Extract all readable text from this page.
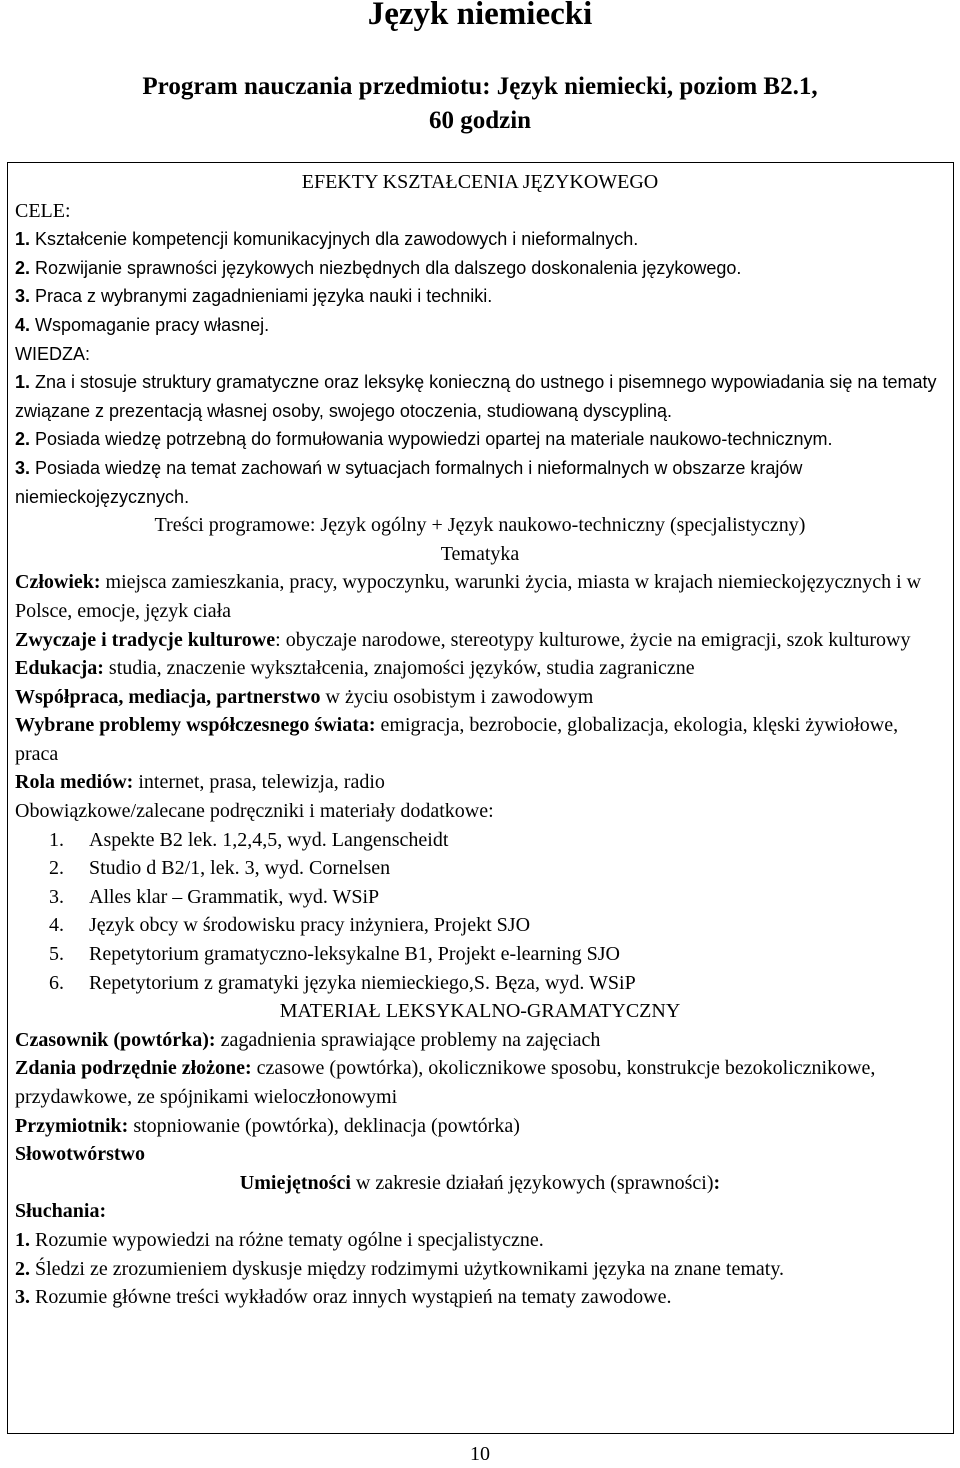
Język niemiecki
Program nauczania przedmiotu: Język niemiecki, poziom B2.1,
60 godzin

EFEKTY KSZTAŁCENIA JĘZYKOWEGO

CELE:

1. Kształcenie kompetencji komunikacyjnych dla zawodowych i nieformalnych.

2. Rozwijanie sprawności językowych niezbędnych dla dalszego doskonalenia językowego.

3. Praca z wybranymi zagadnieniami języka nauki i techniki.

4. Wspomaganie pracy własnej.

WIEDZA:

1. Zna i stosuje struktury gramatyczne oraz leksykę konieczną do ustnego i pisemnego wypowiadania się na tematy związane z prezentacją własnej osoby, swojego otoczenia, studiowaną dyscypliną.

2. Posiada wiedzę potrzebną do formułowania wypowiedzi opartej na materiale naukowo-technicznym.

3. Posiada wiedzę na temat zachowań w sytuacjach formalnych i nieformalnych w obszarze krajów niemieckojęzycznych.

Treści programowe: Język ogólny + Język naukowo-techniczny (specjalistyczny)

Tematyka

Człowiek: miejsca zamieszkania, pracy, wypoczynku, warunki życia, miasta w krajach niemieckojęzycznych i w Polsce, emocje, język ciała

Zwyczaje i tradycje kulturowe: obyczaje narodowe, stereotypy kulturowe, życie na emigracji, szok kulturowy

Edukacja: studia, znaczenie wykształcenia, znajomości języków, studia zagraniczne

Współpraca, mediacja, partnerstwo w życiu osobistym i zawodowym

Wybrane problemy współczesnego świata: emigracja, bezrobocie, globalizacja, ekologia, klęski żywiołowe, praca

Rola mediów: internet, prasa, telewizja, radio

Obowiązkowe/zalecane podręczniki i materiały dodatkowe:

1.	Aspekte B2 lek. 1,2,4,5, wyd. Langenscheidt
2.	Studio d B2/1, lek. 3, wyd. Cornelsen
3.	Alles klar – Grammatik, wyd. WSiP
4.	Język obcy w środowisku pracy inżyniera, Projekt SJO
5.	Repetytorium gramatyczno-leksykalne B1, Projekt e-learning SJO
6.	Repetytorium z gramatyki języka niemieckiego,S. Bęza, wyd. WSiP

MATERIAŁ LEKSYKALNO-GRAMATYCZNY

Czasownik (powtórka): zagadnienia sprawiające problemy na zajęciach

Zdania podrzędnie złożone: czasowe (powtórka), okolicznikowe sposobu, konstrukcje bezokolicznikowe, przydawkowe, ze spójnikami wieloczłonowymi

Przymiotnik: stopniowanie (powtórka), deklinacja (powtórka)

Słowotwórstwo

Umiejętności w zakresie działań językowych (sprawności):

Słuchania:

1. Rozumie wypowiedzi na różne tematy ogólne i specjalistyczne.

2. Śledzi ze zrozumieniem dyskusje między rodzimymi użytkownikami języka na znane tematy.

3. Rozumie główne treści wykładów oraz innych wystąpień na tematy zawodowe.

10
